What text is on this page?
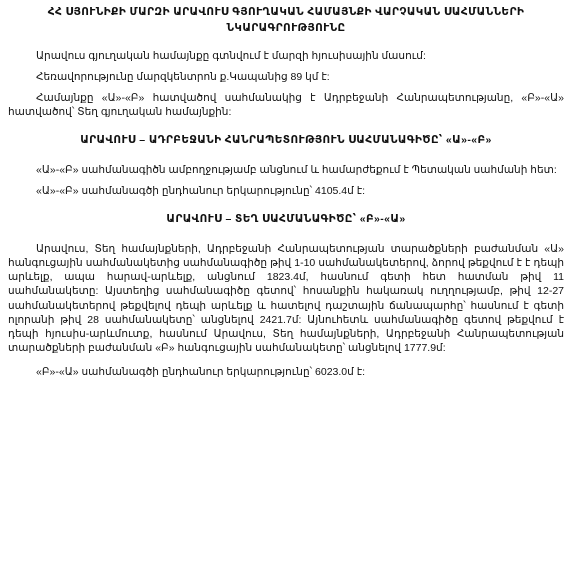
ՀՀ ՍՅՈՒՆԻՔԻ ՄԱՐԶԻ ԱՐԱՎՈՒՍ ԳՅՈՒՂԱԿԱՆ ՀԱՄԱՅՆՔԻ ՎԱՐՉԱԿԱՆ ՍԱՀՄԱՆՆԵՐԻ
ՆԿԱՐԱԳՐՈՒԹՅՈՒՆԸ

Արավուս գյուղական համայնքը գտնվում է մարզի հյուսիսային մասում:

Հեռավորությունը մարզկենտրոն ք.Կապանից 89 կմ է:

Համայնքը «Ա»-«Բ» հատվածով սահմանակից է Ադրբեջանի Հանրապետությանը, «Բ»-«Ա» հատվածով՝ Տեղ գյուղական համայնքին:

ԱՐԱՎՈՒՍ – ԱԴՐԲԵՋԱՆԻ ՀԱՆՐԱՊԵՏՈՒԹՅՈՒՆ ՍԱՀՄԱՆԱԳԻԾԸ՝ «Ա»-«Բ»

«Ա»-«Բ» սահմանագիծն ամբողջությամբ անցնում և համարժեքում է Պետական սահմանի հետ:

«Ա»-«Բ» սահմանագծի ընդհանուր երկարությունը՝ 4105.4մ է:

ԱՐԱՎՈՒՍ – ՏԵՂ ՍԱՀՄԱՆԱԳԻԾԸ՝ «Բ»-«Ա»

Արավուս, Տեղ համայնքների, Ադրբեջանի Հանրապետության տարածքների բաժանման «Ա» հանգուցային սահմանակետից սահմանագիծը թիվ 1-10 սահմանակետերով, ձորով թեքվում է է դեպի արևելք, ապա հարավ-արևելք, անցնում 1823.4մ, հասնում գետի հետ հատման թիվ 11 սահմանակետը: Այստեղից սահմանագիծը գետով՝ հոսանքին հակառակ ուղղությամբ, թիվ 12-27 սահմանակետերով թեքվելով դեպի արևելք և հատելով դաշտային ճանապարհը՝ հասնում է գետի ոլորանի թիվ 28 սահմանակետը՝ անցնելով 2421.7մ: Այնուհետև սահմանագիծը գետով թեքվում է դեպի հյուսիս-արևմուտք, հասնում Արավուս, Տեղ համայնքների, Ադրբեջանի Հանրապետության տարածքների բաժանման «Բ» հանգուցային սահմանակետը՝ անցնելով 1777.9մ:

«Բ»-«Ա» սահմանագծի ընդհանուր երկարությունը՝ 6023.0մ է:
